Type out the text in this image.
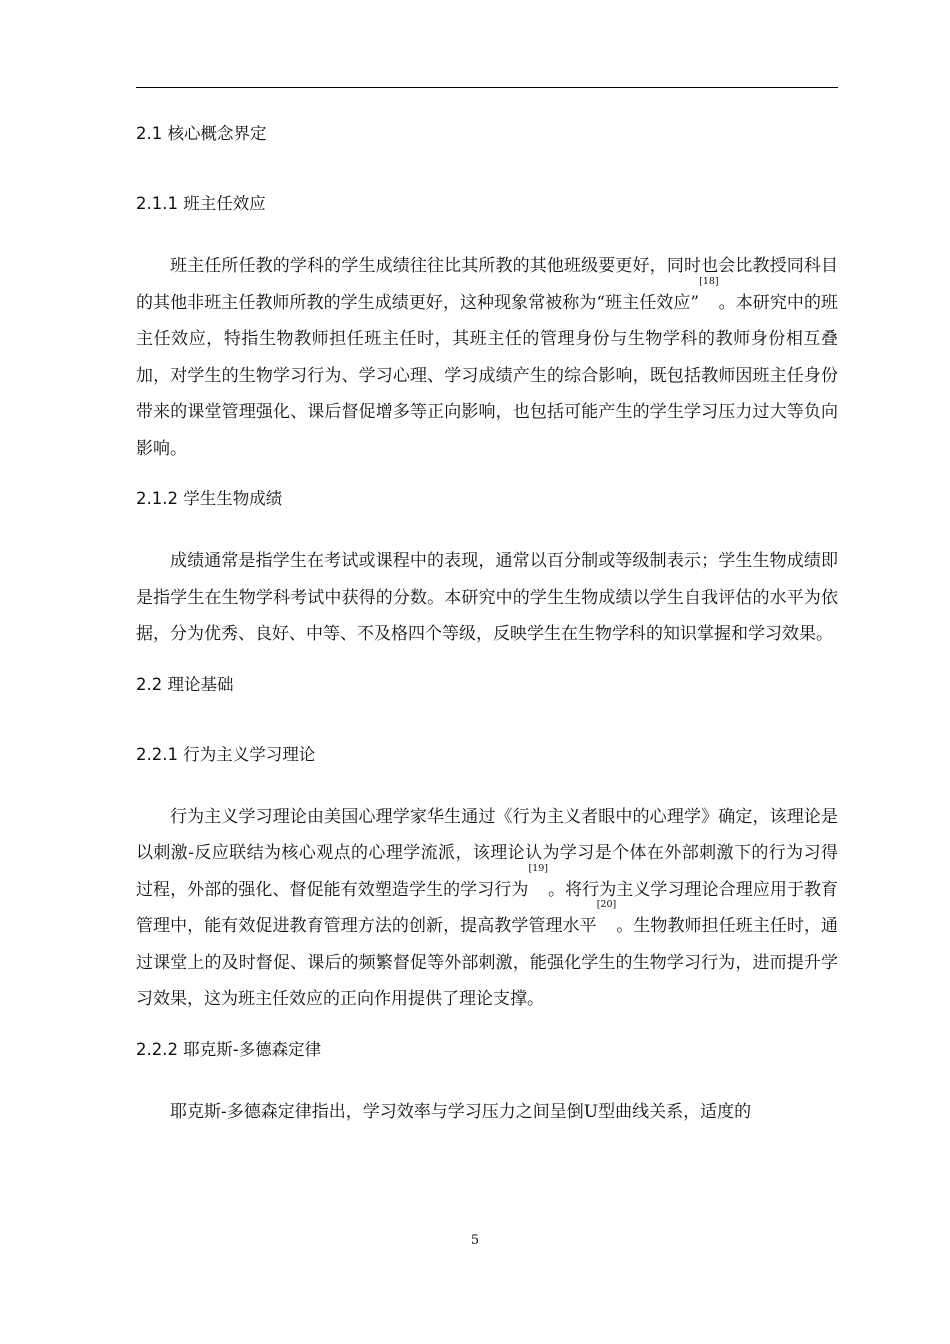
2.1 核心概念界定
2.1.1 班主任效应

班主任所任教的学科的学生成绩往往比其所教的其他班级要更好，同时也会比教授同科目的其他非班主任教师所教的学生成绩更好，这种现象常被称为“班主任效应”[18]。本研究中的班主任效应，特指生物教师担任班主任时，其班主任的管理身份与生物学科的教师身份相互叠加，对学生的生物学习行为、学习心理、学习成绩产生的综合影响，既包括教师因班主任身份带来的课堂管理强化、课后督促增多等正向影响，也包括可能产生的学生学习压力过大等负向影响。

2.1.2 学生生物成绩

成绩通常是指学生在考试或课程中的表现，通常以百分制或等级制表示；学生生物成绩即是指学生在生物学科考试中获得的分数。本研究中的学生生物成绩以学生自我评估的水平为依据，分为优秀、良好、中等、不及格四个等级，反映学生在生物学科的知识掌握和学习效果。

2.2 理论基础
2.2.1 行为主义学习理论

行为主义学习理论由美国心理学家华生通过《行为主义者眼中的心理学》确定，该理论是以刺激-反应联结为核心观点的心理学流派，该理论认为学习是个体在外部刺激下的行为习得过程，外部的强化、督促能有效塑造学生的学习行为[19]。将行为主义学习理论合理应用于教育管理中，能有效促进教育管理方法的创新，提高教学管理水平[20]。生物教师担任班主任时，通过课堂上的及时督促、课后的频繁督促等外部刺激，能强化学生的生物学习行为，进而提升学习效果，这为班主任效应的正向作用提供了理论支撑。

2.2.2 耶克斯-多德森定律

耶克斯-多德森定律指出，学习效率与学习压力之间呈倒U型曲线关系，适度的

5
